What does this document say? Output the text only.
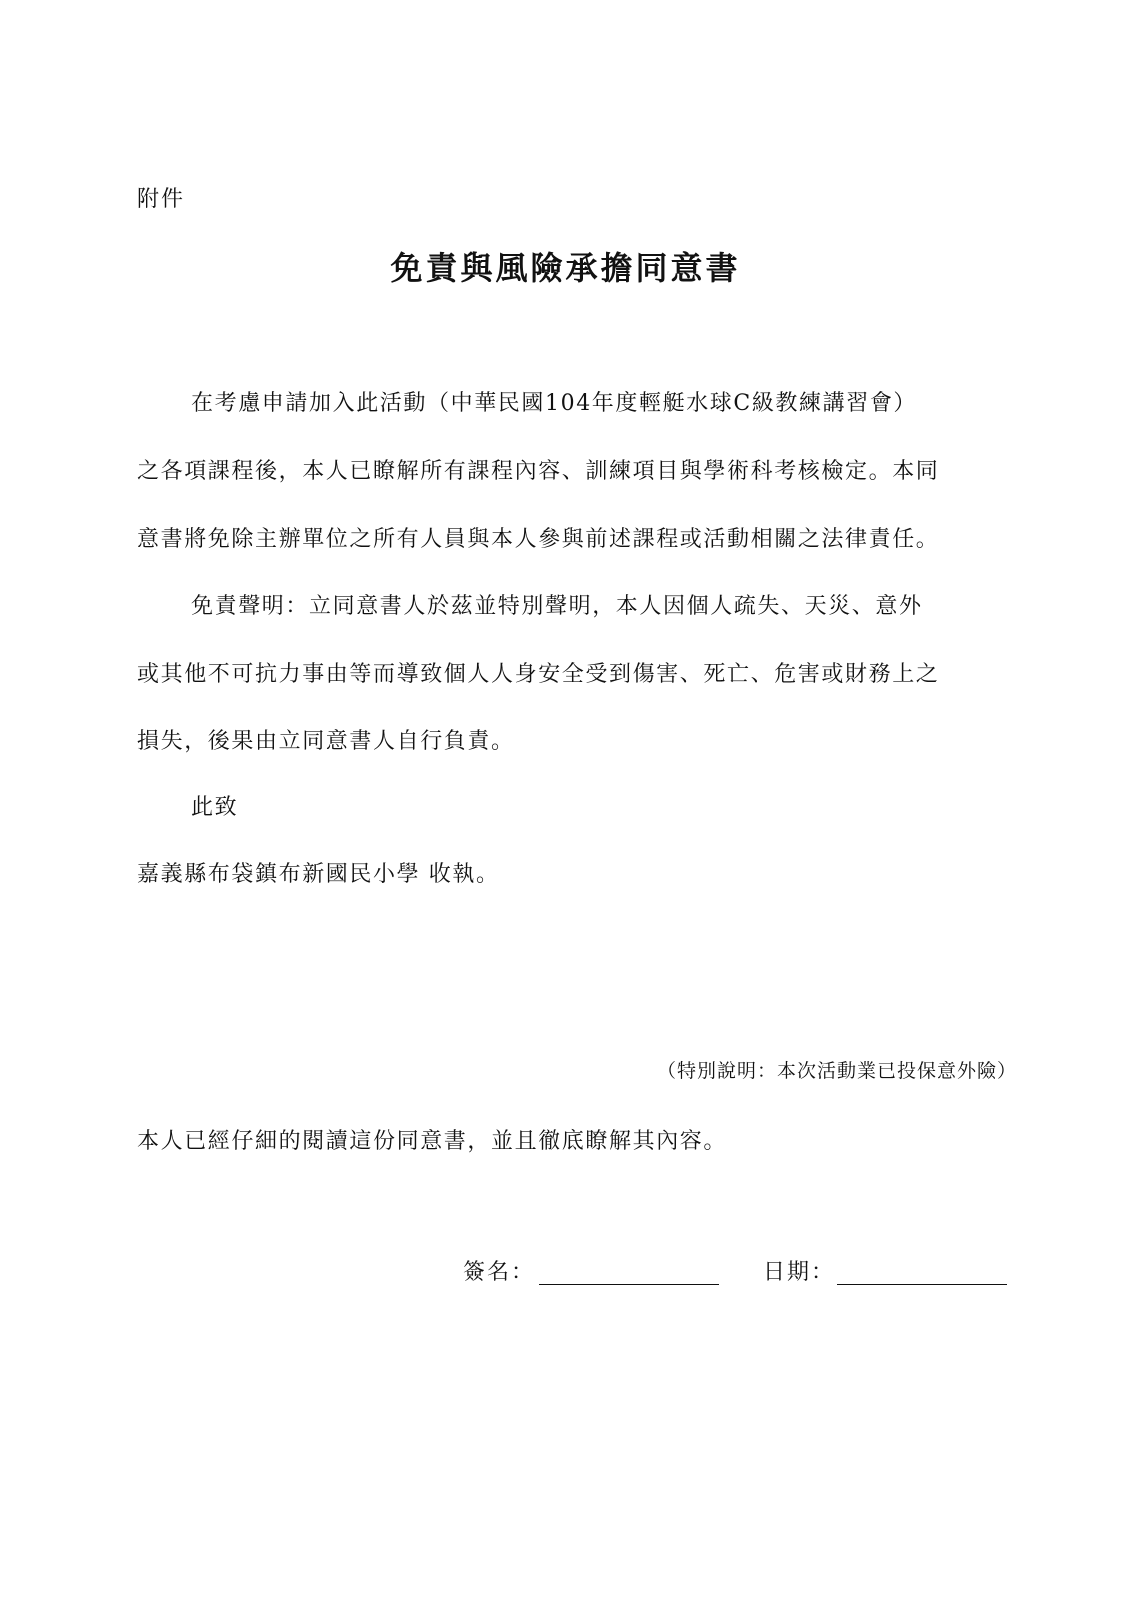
附件
免責與風險承擔同意書
在考慮申請加入此活動（中華民國104年度輕艇水球C級教練講習會）
之各項課程後，本人已瞭解所有課程內容、訓練項目與學術科考核檢定。本同
意書將免除主辦單位之所有人員與本人參與前述課程或活動相關之法律責任。
免責聲明：立同意書人於茲並特別聲明，本人因個人疏失、天災、意外
或其他不可抗力事由等而導致個人人身安全受到傷害、死亡、危害或財務上之
損失，後果由立同意書人自行負責。
此致
嘉義縣布袋鎮布新國民小學 收執。
（特別說明：本次活動業已投保意外險）
本人已經仔細的閱讀這份同意書，並且徹底瞭解其內容。
簽名：	日期：
